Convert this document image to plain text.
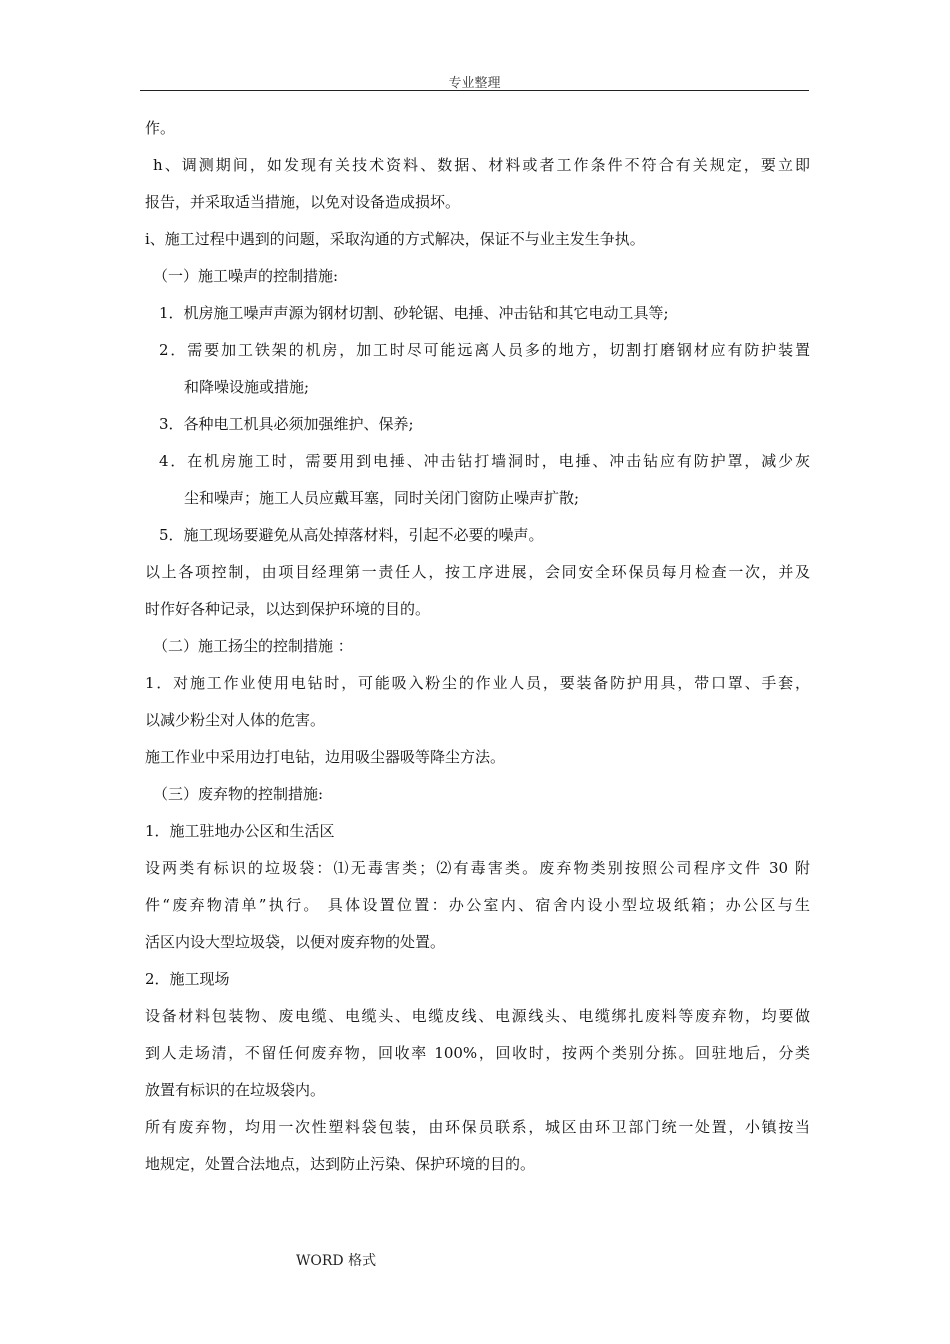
专业整理
作。
h、调测期间，如发现有关技术资料、数据、材料或者工作条件不符合有关规定，要立即
报告，并采取适当措施，以免对设备造成损坏。
i、施工过程中遇到的问题，采取沟通的方式解决，保证不与业主发生争执。
（一）施工噪声的控制措施:
1．机房施工噪声声源为钢材切割、砂轮锯、电捶、冲击钻和其它电动工具等;
2．需要加工铁架的机房，加工时尽可能远离人员多的地方，切割打磨钢材应有防护装置
和降噪设施或措施;
3．各种电工机具必须加强维护、保养;
4．在机房施工时，需要用到电捶、冲击钻打墙洞时，电捶、冲击钻应有防护罩，减少灰
尘和噪声；施工人员应戴耳塞，同时关闭门窗防止噪声扩散;
5．施工现场要避免从高处掉落材料，引起不必要的噪声。
以上各项控制，由项目经理第一责任人，按工序进展，会同安全环保员每月检查一次，并及
时作好各种记录，以达到保护环境的目的。
（二）施工扬尘的控制措施 ：
1．对施工作业使用电钻时，可能吸入粉尘的作业人员，要装备防护用具，带口罩、手套，
以减少粉尘对人体的危害。
施工作业中采用边打电钻，边用吸尘器吸等降尘方法。
（三）废弃物的控制措施:
1．施工驻地办公区和生活区
设两类有标识的垃圾袋：⑴无毒害类；⑵有毒害类。废弃物类别按照公司程序文件 30 附
件“废弃物清单”执行。 具体设置位置：办公室内、宿舍内设小型垃圾纸箱；办公区与生
活区内设大型垃圾袋，以便对废弃物的处置。
2．施工现场
设备材料包装物、废电缆、电缆头、电缆皮线、电源线头、电缆绑扎废料等废弃物，均要做
到人走场清，不留任何废弃物，回收率 100%，回收时，按两个类别分拣。回驻地后，分类
放置有标识的在垃圾袋内。
所有废弃物，均用一次性塑料袋包装，由环保员联系，城区由环卫部门统一处置，小镇按当
地规定，处置合法地点，达到防止污染、保护环境的目的。
WORD 格式
